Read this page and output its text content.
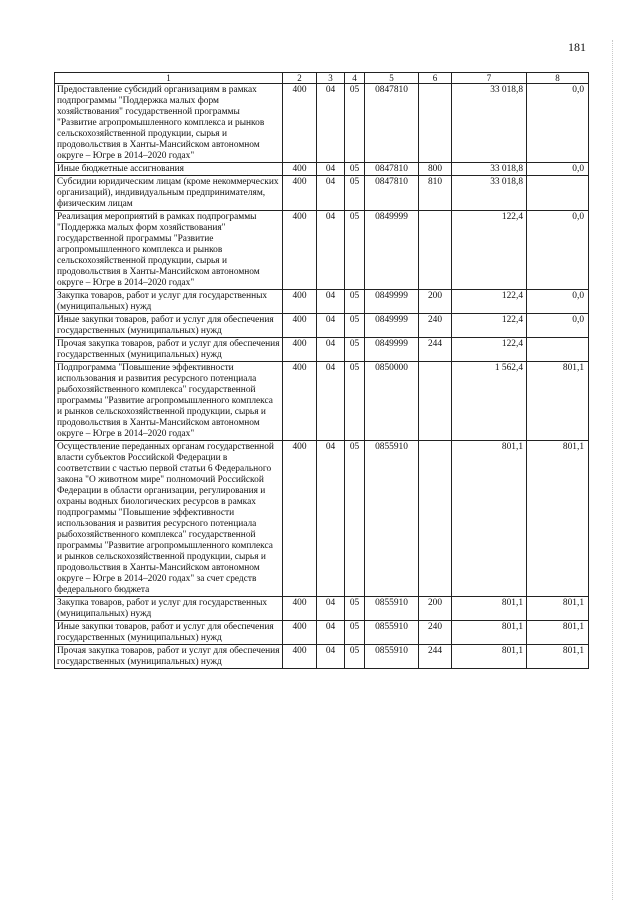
181
1	2	3	4	5	6	7	8
Предоставление субсидий организациям в рамках подпрограммы "Поддержка малых форм хозяйствования" государственной программы "Развитие агропромышленного комплекса и рынков сельскохозяйственной продукции, сырья и продовольствия в Ханты-Мансийском автономном округе – Югре в 2014–2020 годах"	400	04	05	0847810		33 018,8	0,0
Иные бюджетные ассигнования	400	04	05	0847810	800	33 018,8	0,0
Субсидии юридическим лицам (кроме некоммерческих организаций), индивидуальным предпринимателям, физическим лицам	400	04	05	0847810	810	33 018,8	
Реализация мероприятий в рамках подпрограммы "Поддержка малых форм хозяйствования" государственной программы "Развитие агропромышленного комплекса и рынков сельскохозяйственной продукции, сырья и продовольствия в Ханты-Мансийском автономном округе – Югре в 2014–2020 годах"	400	04	05	0849999		122,4	0,0
Закупка товаров, работ и услуг для государственных (муниципальных) нужд	400	04	05	0849999	200	122,4	0,0
Иные закупки товаров, работ и услуг для обеспечения государственных (муниципальных) нужд	400	04	05	0849999	240	122,4	0,0
Прочая закупка товаров, работ и услуг для обеспечения государственных (муниципальных) нужд	400	04	05	0849999	244	122,4	
Подпрограмма "Повышение эффективности использования и развития ресурсного потенциала рыбохозяйственного комплекса" государственной программы "Развитие агропромышленного комплекса и рынков сельскохозяйственной продукции, сырья и продовольствия в Ханты-Мансийском автономном округе – Югре в 2014–2020 годах"	400	04	05	0850000		1 562,4	801,1
Осуществление переданных органам государственной власти субъектов Российской Федерации в соответствии с частью первой статьи 6 Федерального закона "О животном мире" полномочий Российской Федерации в области организации, регулирования и охраны водных биологических ресурсов в рамках подпрограммы "Повышение эффективности использования и развития ресурсного потенциала рыбохозяйственного комплекса" государственной программы "Развитие агропромышленного комплекса и рынков сельскохозяйственной продукции, сырья и продовольствия в Ханты-Мансийском автономном округе – Югре в 2014–2020 годах" за счет средств федерального бюджета	400	04	05	0855910		801,1	801,1
Закупка товаров, работ и услуг для государственных (муниципальных) нужд	400	04	05	0855910	200	801,1	801,1
Иные закупки товаров, работ и услуг для обеспечения государственных (муниципальных) нужд	400	04	05	0855910	240	801,1	801,1
Прочая закупка товаров, работ и услуг для обеспечения государственных (муниципальных) нужд	400	04	05	0855910	244	801,1	801,1
